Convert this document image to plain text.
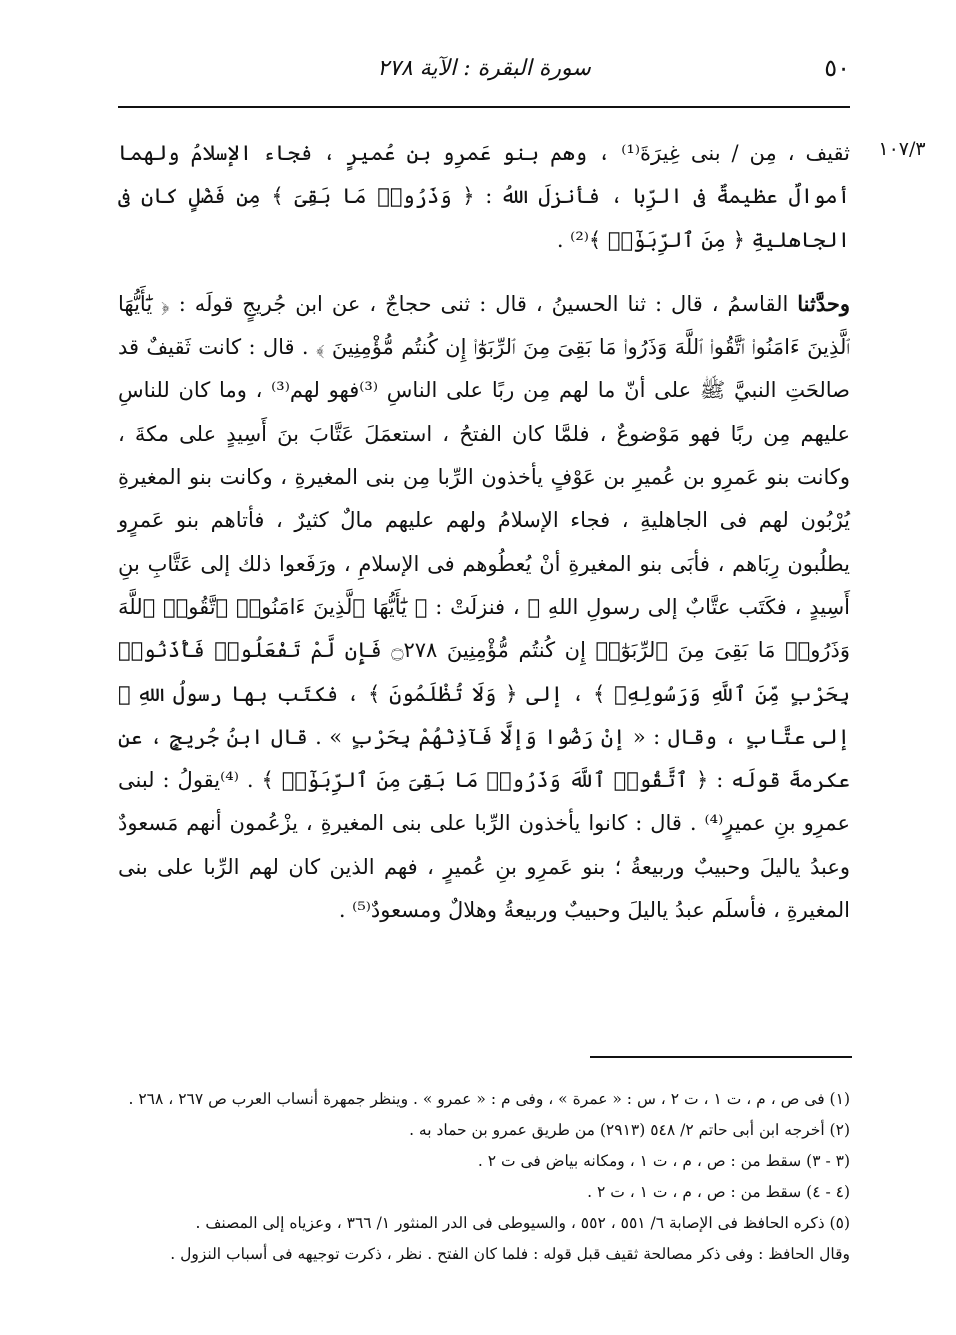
٥٠
سورة البقرة : الآية ٢٧٨
١٠٧/٣

ثقيف ، مِن / بنى غِيرَةَ⁽¹⁾ ، وهم بنو عَمرِو بن عُميرٍ ، فجاء الإسلامُ ولهما أموالٌ عظيمةٌ فى الرِّبا ، فأنزلَ اللهُ : ﴿ وَذَرُوا۟ مَا بَقِىَ ﴾ مِن فَضْلٍ كان فى الجاهليةِ ﴿ مِنَ ٱلرِّبَوٰٓا۟ ﴾⁽²⁾ .

وحدَّثنا القاسمُ ، قال : ثنا الحسينُ ، قال : ثنى حجاجٌ ، عن ابن جُريجٍ قولَه : ﴿ يَٰٓأَيُّهَا ٱلَّذِينَ ءَامَنُوا۟ ٱتَّقُوا۟ ٱللَّهَ وَذَرُوا۟ مَا بَقِىَ مِنَ ٱلرِّبَوٰٓا۟ إِن كُنتُم مُّؤْمِنِينَ ﴾ . قال : كانت ثَقيفٌ قد صالحَتِ النبيَّ ﷺ على أنّ ما لهم مِن ربًا على الناسِ ⁽³⁾فهو لهم⁽³⁾ ، وما كان للناسِ عليهم مِن ربًا فهو مَوْضوعٌ ، فلمَّا كان الفتحُ ، استعمَلَ عَتَّابَ بنَ أَسِيدٍ على مكةَ ، وكانت بنو عَمرِو بن عُميرِ بن عَوْفٍ يأخذون الرِّبا مِن بنى المغيرةِ ، وكانت بنو المغيرةِ يُرْبُون لهم فى الجاهليةِ ، فجاء الإسلامُ ولهم عليهم مالٌ كثيرٌ ، فأتاهم بنو عَمرٍو يطلُبون رِبَاهم ، فأبَى بنو المغيرةِ أنْ يُعطُوهم فى الإسلامِ ، ورَفَعوا ذلك إلى عَتَّابِ بنِ أَسِيدٍ ، فكَتَب عتَّابٌ إلى رسولِ اللهِ ﷺ ، فنزلَتْ : ﴿ يَٰٓأَيُّهَا ٱلَّذِينَ ءَامَنُوا۟ ٱتَّقُوا۟ ٱللَّهَ وَذَرُوا۟ مَا بَقِىَ مِنَ ٱلرِّبَوٰٓا۟ إِن كُنتُم مُّؤْمِنِينَ ۝٢٧٨ فَإِن لَّمْ تَفْعَلُوا۟ فَأْذَنُوا۟ بِحَرْبٍ مِّنَ ٱللَّهِ وَرَسُولِهِۦ ﴾ ، إلى ﴿ وَلَا تُظْلَمُونَ ﴾ ، فكتَب بها رسولُ اللهِ ﷺ إلى عتَّابٍ ، وقال : « إنْ رَضُوا وَإلَّا فَآذِنْهُمْ بِحَرْبٍ » . قال ابنُ جُريجٍ ، عن عكرمةَ قولَه : ﴿ ٱتَّقُوا۟ ٱللَّهَ وَذَرُوا۟ مَا بَقِىَ مِنَ ٱلرِّبَوٰٓا۟ ﴾ . ⁽⁴⁾يقولُ : لبنى عمرِو بنِ عميرٍ⁽⁴⁾ . قال : كانوا يأخذون الرِّبا على بنى المغيرةِ ، يزْعُمون أنهم مَسعودٌ وعبدُ ياليلَ وحبيبٌ وربيعةُ ؛ بنو عَمرِو بنِ عُميرٍ ، فهم الذين كان لهم الرِّبا على بنى المغيرةِ ، فأسلَم عبدُ ياليلَ وحبيبٌ وربيعةُ وهلالٌ ومسعودٌ⁽⁵⁾ .

(١) فى ص ، م ، ت ١ ، ت ٢ ، س : « عمرة » ، وفى م : « عمرو » . وينظر جمهرة أنساب العرب ص ٢٦٧ ، ٢٦٨ .
(٢) أخرجه ابن أبى حاتم ٢/ ٥٤٨ (٢٩١٣) من طريق عمرو بن حماد به .
(٣ - ٣) سقط من : ص ، م ، ت ١ ، ومكانه بياض فى ت ٢ .
(٤ - ٤) سقط من : ص ، م ، ت ١ ، ت ٢ .
(٥) ذكره الحافظ فى الإصابة ٦/ ٥٥١ ، ٥٥٢ ، والسيوطى فى الدر المنثور ١/ ٣٦٦ ، وعزياه إلى المصنف .
وقال الحافظ : وفى ذكر مصالحة ثقيف قبل قوله : فلما كان الفتح . نظر ، ذكرت توجيهه فى أسباب النزول .
